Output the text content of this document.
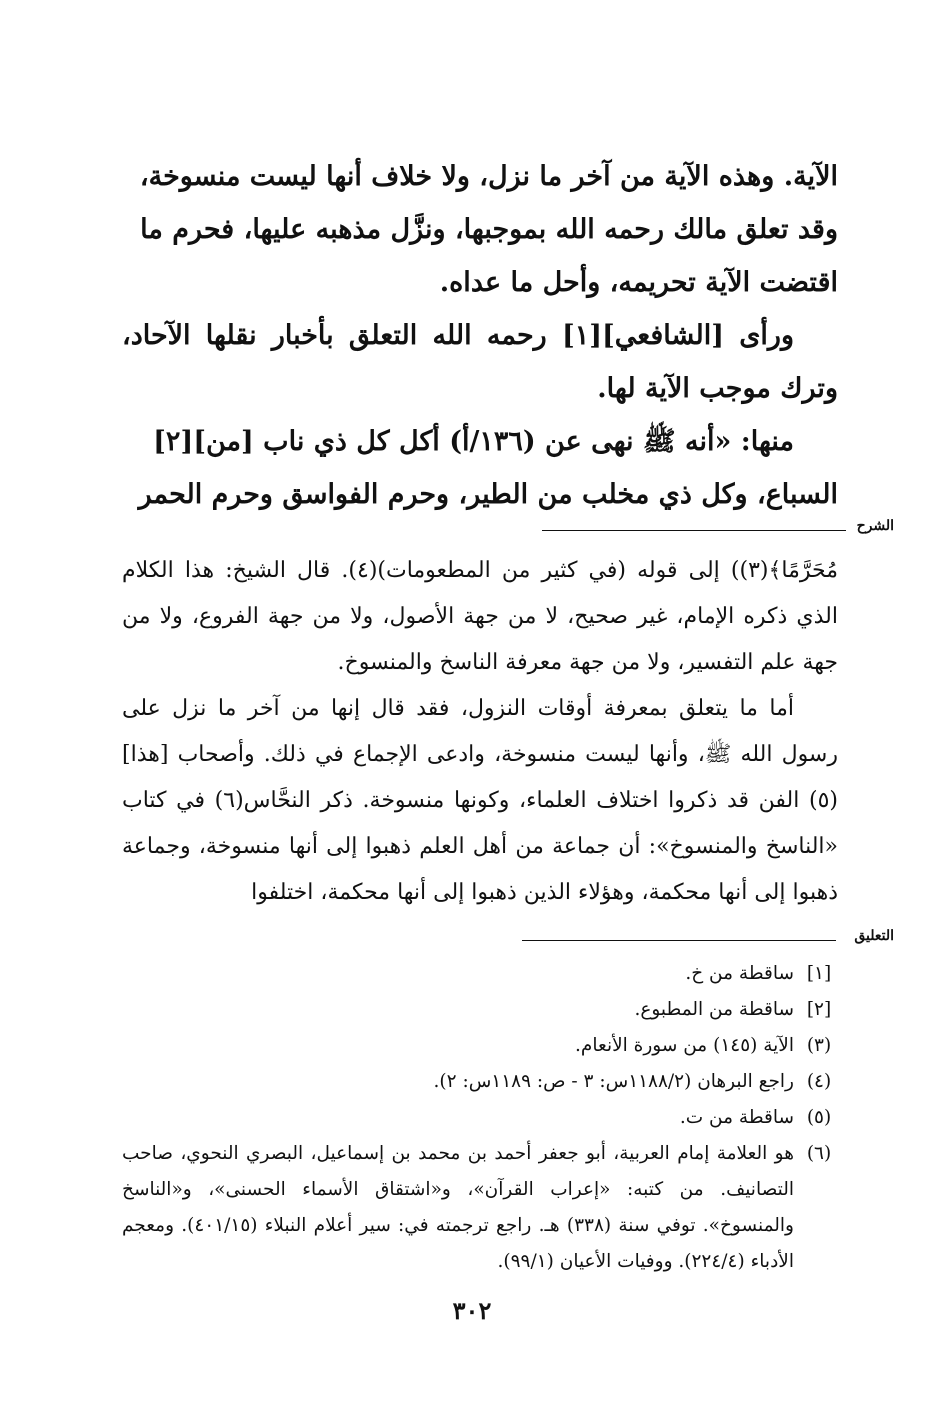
الآية. وهذه الآية من آخر ما نزل، ولا خلاف أنها ليست منسوخة،

وقد تعلق مالك رحمه الله بموجبها، ونزَّل مذهبه عليها، فحرم ما

اقتضت الآية تحريمه، وأحل ما عداه.

ورأى [الشافعي][١] رحمه الله التعلق بأخبار نقلها الآحاد، وترك موجب الآية لها.

منها: «أنه ﷺ نهى عن (١٣٦/أ) أكل كل ذي ناب [من][٢]

السباع، وكل ذي مخلب من الطير، وحرم الفواسق وحرم الحمر

الشرح

مُحَرَّمًا﴾(٣)) إلى قوله (في كثير من المطعومات)(٤). قال الشيخ: هذا الكلام الذي ذكره الإمام، غير صحيح، لا من جهة الأصول، ولا من جهة الفروع، ولا من جهة علم التفسير، ولا من جهة معرفة الناسخ والمنسوخ.

أما ما يتعلق بمعرفة أوقات النزول، فقد قال إنها من آخر ما نزل على رسول الله ﷺ، وأنها ليست منسوخة، وادعى الإجماع في ذلك. وأصحاب [هذا](٥) الفن قد ذكروا اختلاف العلماء، وكونها منسوخة. ذكر النحَّاس(٦) في كتاب «الناسخ والمنسوخ»: أن جماعة من أهل العلم ذهبوا إلى أنها منسوخة، وجماعة ذهبوا إلى أنها محكمة، وهؤلاء الذين ذهبوا إلى أنها محكمة، اختلفوا

التعليق
[١]
ساقطة من خ.
[٢]
ساقطة من المطبوع.
(٣)
الآية (١٤٥) من سورة الأنعام.
(٤)
راجع البرهان (١١٨٨/٢س: ٣ - ص: ١١٨٩س: ٢).
(٥)
ساقطة من ت.
(٦)
هو العلامة إمام العربية، أبو جعفر أحمد بن محمد بن إسماعيل، البصري النحوي، صاحب التصانيف. من كتبه: «إعراب القرآن»، و«اشتقاق الأسماء الحسنى»، و«الناسخ والمنسوخ». توفي سنة (٣٣٨) هـ. راجع ترجمته في: سير أعلام النبلاء (٤٠١/١٥). ومعجم الأدباء (٢٢٤/٤). ووفيات الأعيان (٩٩/١).
٣٠٢
